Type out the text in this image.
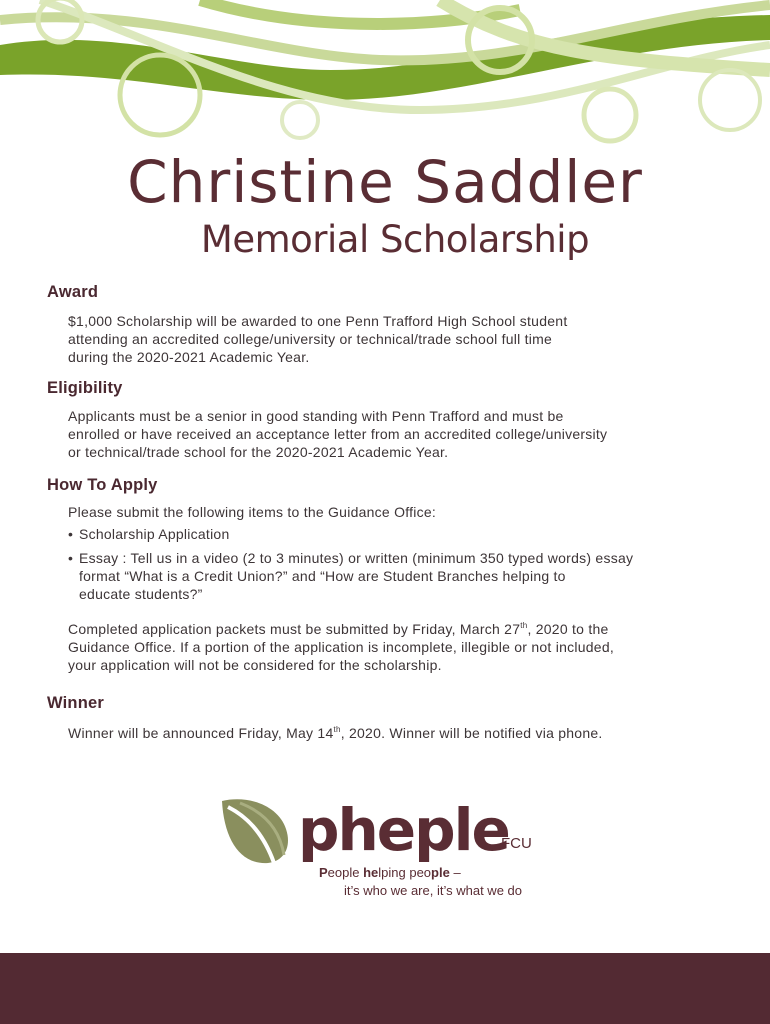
Christine Saddler
Memorial Scholarship
Award

$1,000 Scholarship will be awarded to one Penn Trafford High School student
attending an accredited college/university or technical/trade school full time
during the 2020-2021 Academic Year.

Eligibility

Applicants must be a senior in good standing with Penn Trafford and must be
enrolled or have received an acceptance letter from an accredited college/university
or technical/trade school for the 2020-2021 Academic Year.

How To Apply

Please submit the following items to the Guidance Office:

• Scholarship Application
• Essay : Tell us in a video (2 to 3 minutes) or written (minimum 350 typed words) essay
format “What is a Credit Union?” and “How are Student Branches helping to
educate students?”

Completed application packets must be submitted by Friday, March 27th, 2020 to the
Guidance Office. If a portion of the application is incomplete, illegible or not included,
your application will not be considered for the scholarship.

Winner

Winner will be announced Friday, May 14th, 2020. Winner will be notified via phone.

pheple
FCU
People helping people –
it’s who we are, it’s what we do
